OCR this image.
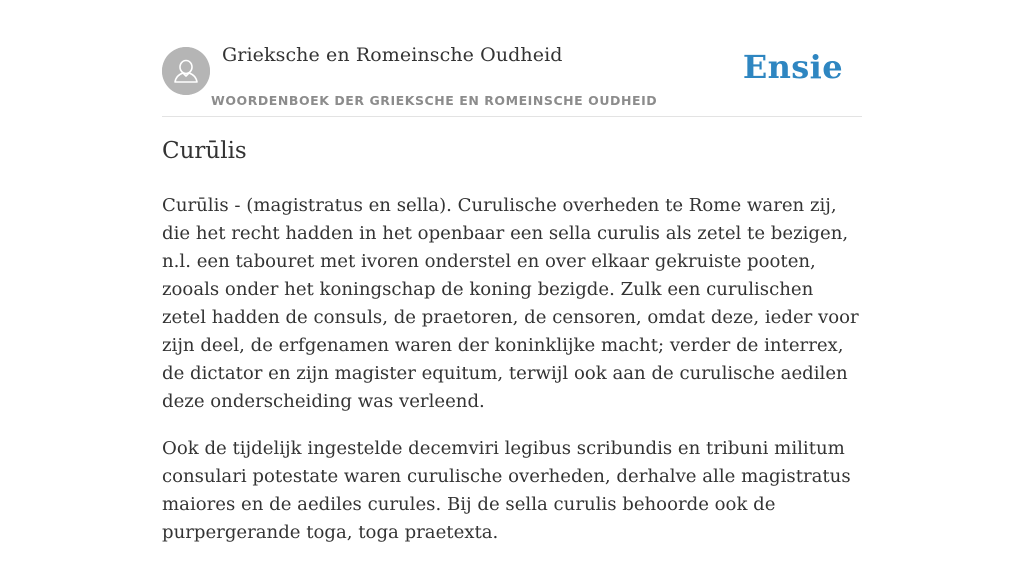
Grieksche en Romeinsche Oudheid
WOORDENBOEK DER GRIEKSCHE EN ROMEINSCHE OUDHEID
Ensie
Curūlis

Curūlis - (magistratus en sella). Curulische overheden te Rome waren zij, die het recht hadden in het openbaar een sella curulis als zetel te bezigen, n.l. een tabouret met ivoren onderstel en over elkaar gekruiste pooten, zooals onder het koningschap de koning bezigde. Zulk een curulischen zetel hadden de consuls, de praetoren, de censoren, omdat deze, ieder voor zijn deel, de erfgenamen waren der koninklijke macht; verder de interrex, de dictator en zijn magister equitum, terwijl ook aan de curulische aedilen deze onderscheiding was verleend.

Ook de tijdelijk ingestelde decemviri legibus scribundis en tribuni militum consulari potestate waren curulische overheden, derhalve alle magistratus maiores en de aediles curules. Bij de sella curulis behoorde ook de purpergerande toga, toga praetexta.
